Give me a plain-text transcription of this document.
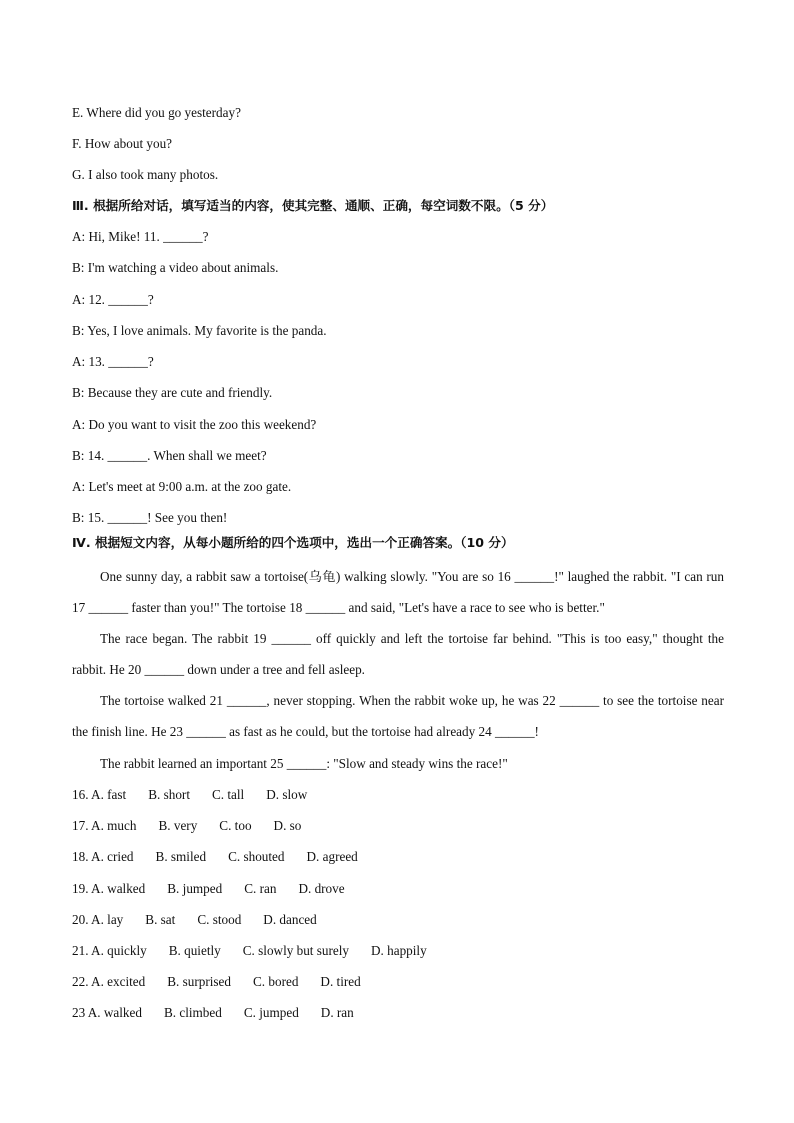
E. Where did you go yesterday?
F. How about you?
G. I also took many photos.
Ⅲ. 根据所给对话，填写适当的内容，使其完整、通顺、正确，每空词数不限。（5 分）
A: Hi, Mike! 11. ______?
B: I'm watching a video about animals.
A: 12. ______?
B: Yes, I love animals. My favorite is the panda.
A: 13. ______?
B: Because they are cute and friendly.
A: Do you want to visit the zoo this weekend?
B: 14. ______. When shall we meet?
A: Let's meet at 9:00 a.m. at the zoo gate.
B: 15. ______! See you then!
Ⅳ. 根据短文内容，从每小题所给的四个选项中，选出一个正确答案。（10 分）
One sunny day, a rabbit saw a tortoise(乌龟) walking slowly. "You are so 16 ______!" laughed the rabbit. "I can run 17 ______ faster than you!" The tortoise 18 ______ and said, "Let's have a race to see who is better."
The race began. The rabbit 19 ______ off quickly and left the tortoise far behind. "This is too easy," thought the rabbit. He 20 ______ down under a tree and fell asleep.
The tortoise walked 21 ______, never stopping. When the rabbit woke up, he was 22 ______ to see the tortoise near the finish line. He 23 ______ as fast as he could, but the tortoise had already 24 ______!
The rabbit learned an important 25 ______: "Slow and steady wins the race!"
16. A. fast B. short C. tall D. slow
17. A. much B. very C. too D. so
18. A. cried B. smiled C. shouted D. agreed
19. A. walked B. jumped C. ran D. drove
20. A. lay B. sat C. stood D. danced
21. A. quickly B. quietly C. slowly but surely D. happily
22. A. excited B. surprised C. bored D. tired
23 A. walked B. climbed C. jumped D. ran
